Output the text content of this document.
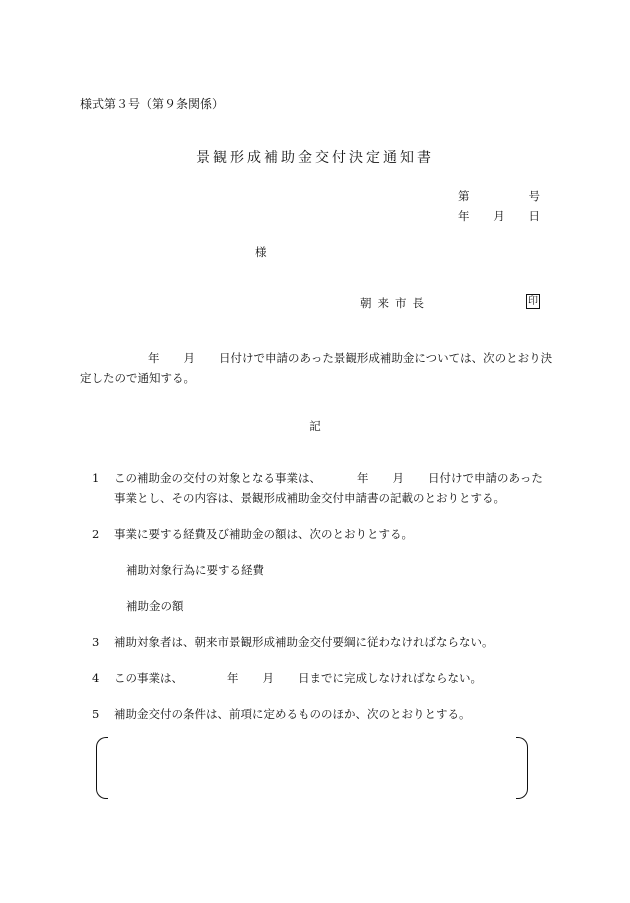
様式第３号（第９条関係）
景観形成補助金交付決定通知書
第	号
年 月 日
様
朝来市長	印
年 月 日付けで申請のあった景観形成補助金については、次のとおり決
定したので通知する。
記
1 この補助金の交付の対象となる事業は、	年 月 日付けで申請のあった
事業とし、その内容は、景観形成補助金交付申請書の記載のとおりとする。
2 事業に要する経費及び補助金の額は、次のとおりとする。
補助対象行為に要する経費
補助金の額
3 補助対象者は、朝来市景観形成補助金交付要綱に従わなければならない。
4 この事業は、	年 月 日までに完成しなければならない。
5 補助金交付の条件は、前項に定めるもののほか、次のとおりとする。
